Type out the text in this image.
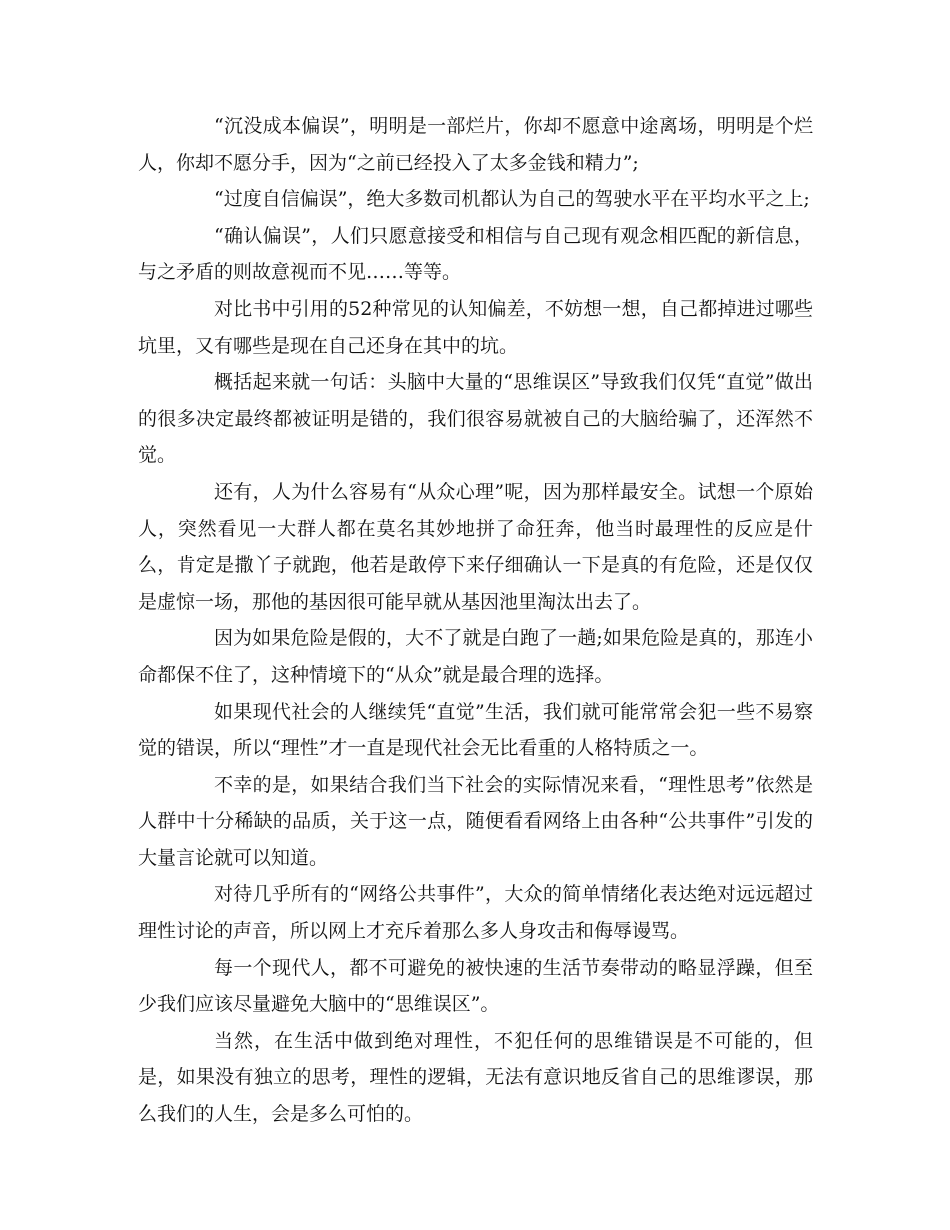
“沉没成本偏误”，明明是一部烂片，你却不愿意中途离场，明明是个烂人，你却不愿分手，因为“之前已经投入了太多金钱和精力”;

“过度自信偏误”，绝大多数司机都认为自己的驾驶水平在平均水平之上;

“确认偏误”，人们只愿意接受和相信与自己现有观念相匹配的新信息，与之矛盾的则故意视而不见……等等。

对比书中引用的52种常见的认知偏差，不妨想一想，自己都掉进过哪些坑里，又有哪些是现在自己还身在其中的坑。

概括起来就一句话：头脑中大量的“思维误区”导致我们仅凭“直觉”做出的很多决定最终都被证明是错的，我们很容易就被自己的大脑给骗了，还浑然不觉。

还有，人为什么容易有“从众心理”呢，因为那样最安全。试想一个原始人，突然看见一大群人都在莫名其妙地拼了命狂奔，他当时最理性的反应是什么，肯定是撒丫子就跑，他若是敢停下来仔细确认一下是真的有危险，还是仅仅是虚惊一场，那他的基因很可能早就从基因池里淘汰出去了。

因为如果危险是假的，大不了就是白跑了一趟;如果危险是真的，那连小命都保不住了，这种情境下的“从众”就是最合理的选择。

如果现代社会的人继续凭“直觉”生活，我们就可能常常会犯一些不易察觉的错误，所以“理性”才一直是现代社会无比看重的人格特质之一。

不幸的是，如果结合我们当下社会的实际情况来看，“理性思考”依然是人群中十分稀缺的品质，关于这一点，随便看看网络上由各种“公共事件”引发的大量言论就可以知道。

对待几乎所有的“网络公共事件”，大众的简单情绪化表达绝对远远超过理性讨论的声音，所以网上才充斥着那么多人身攻击和侮辱谩骂。

每一个现代人，都不可避免的被快速的生活节奏带动的略显浮躁，但至少我们应该尽量避免大脑中的“思维误区”。

当然，在生活中做到绝对理性，不犯任何的思维错误是不可能的，但是，如果没有独立的思考，理性的逻辑，无法有意识地反省自己的思维谬误，那么我们的人生，会是多么可怕的。
